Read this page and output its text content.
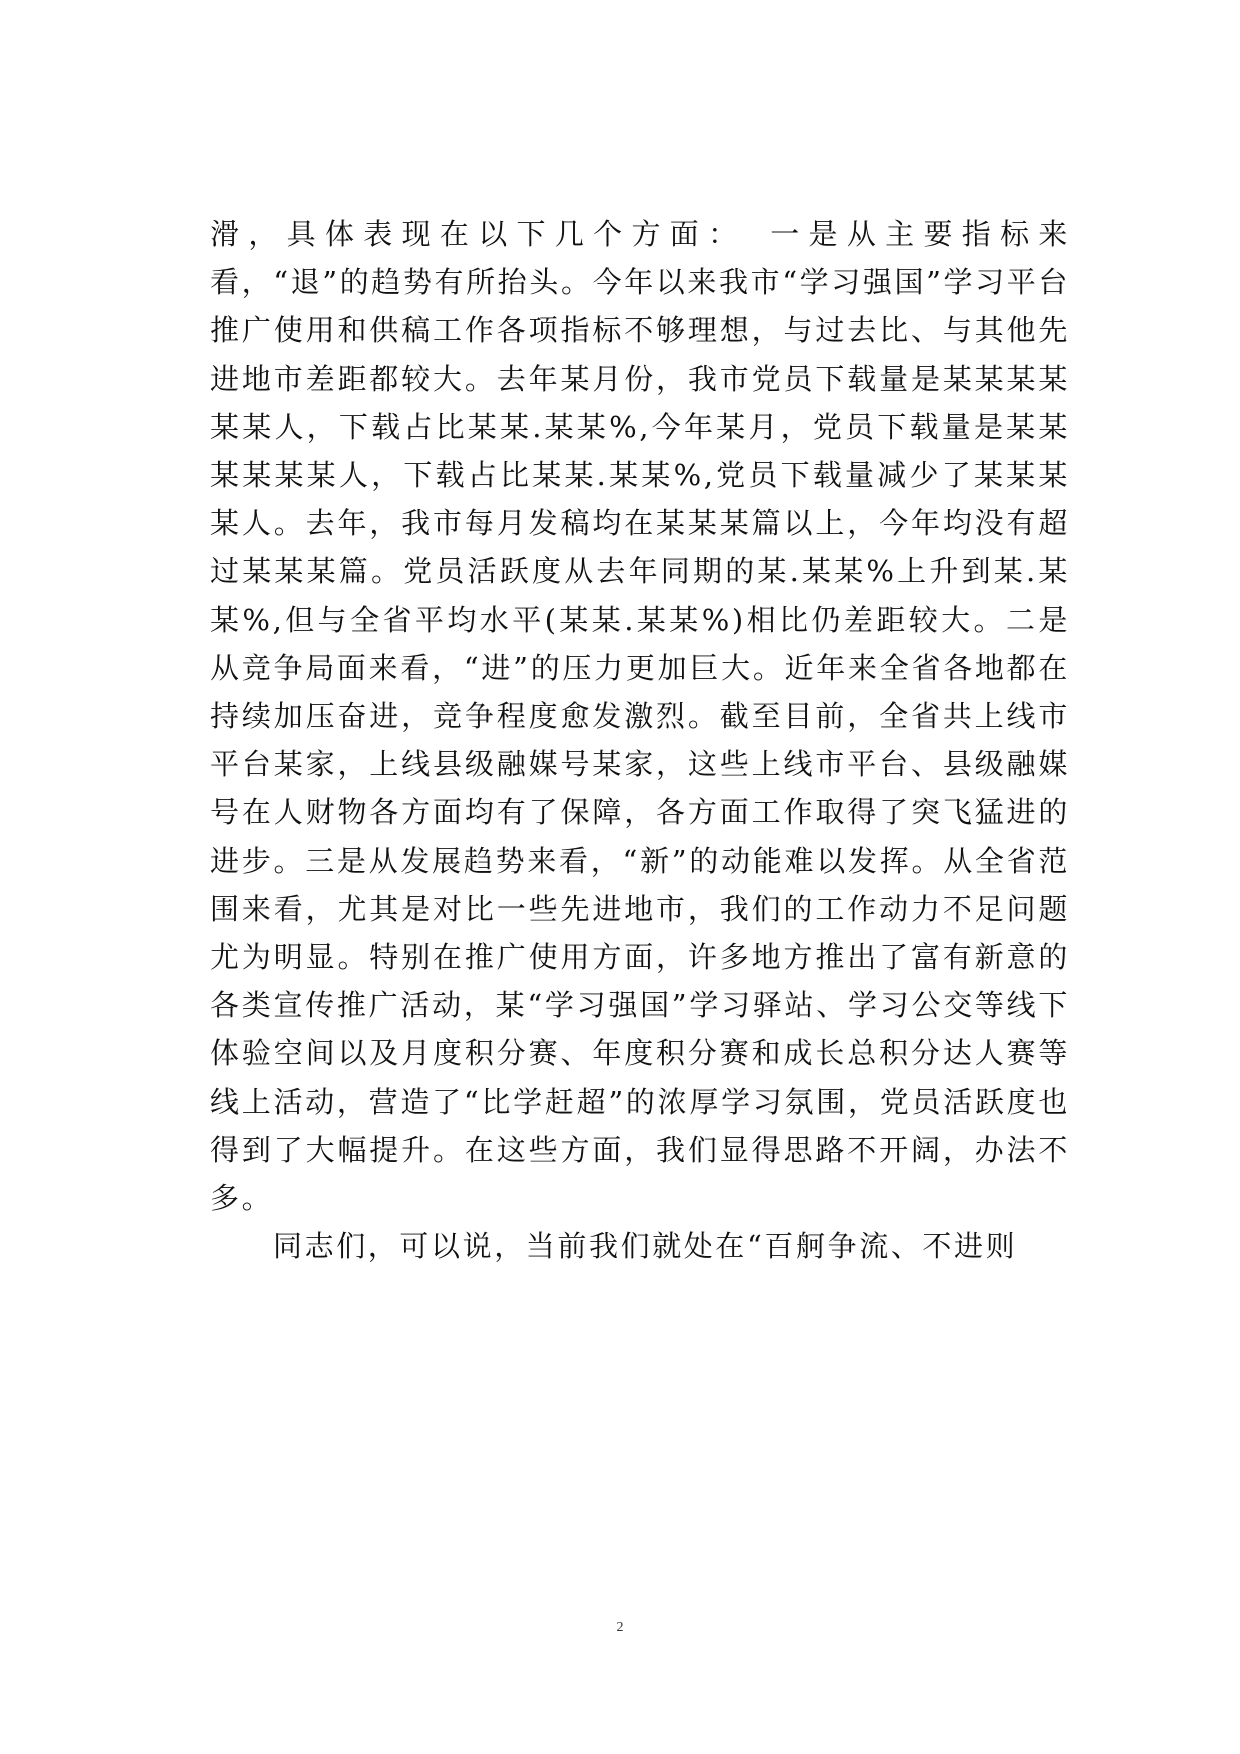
滑，具体表现在以下几个方面：　一是从主要指标来看，“退”的趋势有所抬头。今年以来我市“学习强国”学习平台推广使用和供稿工作各项指标不够理想，与过去比、与其他先进地市差距都较大。去年某月份，我市党员下载量是某某某某某某人，下载占比某某.某某%,今年某月，党员下载量是某某某某某某人，下载占比某某.某某%,党员下载量减少了某某某某人。去年，我市每月发稿均在某某某篇以上，今年均没有超过某某某篇。党员活跃度从去年同期的某.某某%上升到某.某某%,但与全省平均水平(某某.某某%)相比仍差距较大。二是从竞争局面来看，“进”的压力更加巨大。近年来全省各地都在持续加压奋进，竞争程度愈发激烈。截至目前，全省共上线市平台某家，上线县级融媒号某家，这些上线市平台、县级融媒号在人财物各方面均有了保障，各方面工作取得了突飞猛进的进步。三是从发展趋势来看，“新”的动能难以发挥。从全省范围来看，尤其是对比一些先进地市，我们的工作动力不足问题尤为明显。特别在推广使用方面，许多地方推出了富有新意的各类宣传推广活动，某“学习强国”学习驿站、学习公交等线下体验空间以及月度积分赛、年度积分赛和成长总积分达人赛等线上活动，营造了“比学赶超”的浓厚学习氛围，党员活跃度也得到了大幅提升。在这些方面，我们显得思路不开阔，办法不多。

同志们，可以说，当前我们就处在“百舸争流、不进则

2
